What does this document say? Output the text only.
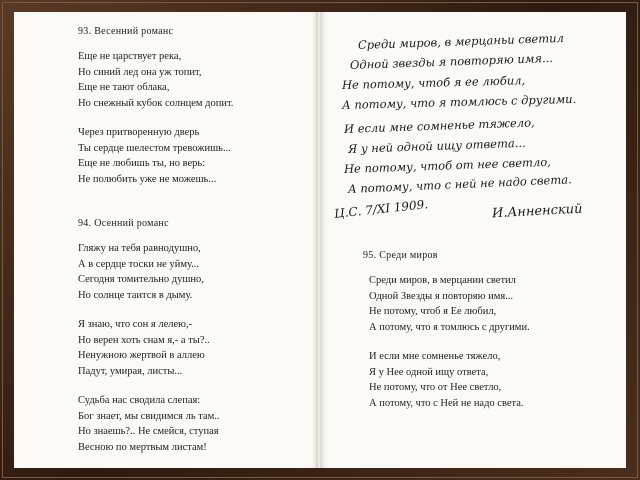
93. Весенний романс
Еще не царствует река,
Но синий лед она уж топит,
Еще не тают облака,
Но снежный кубок солнцем допит.
Через притворенную дверь
Ты сердце шелестом тревожишь...
Еще не любишь ты, но верь:
Не полюбить уже не можешь...
94. Осенний романс
Гляжу на тебя равнодушно,
А в сердце тоски не уйму...
Сегодня томительно душно,
Но солнце таится в дыму.
Я знаю, что сон я лелею,-
Но верен хоть снам я,- а ты?..
Ненужною жертвой в аллею
Падут, умирая, листы...
Судьба нас сводила слепая:
Бог знает, мы свидимся ль там..
Но знаешь?.. Не смейся, ступая
Весною по мертвым листам!
Среди миров, в мерцаньи светил
Одной звезды я повторяю имя...
Не потому, чтоб я ее любил,
А потому, что я томлюсь с другими.
И если мне сомненье тяжело,
Я у ней одной ищу ответа...
Не потому, чтоб от нее светло,
А потому, что с ней не надо света.
Ц.С. 7/XI 1909.	И.Анненский
95. Среди миров
Среди миров, в мерцании светил
Одной Звезды я повторяю имя...
Не потому, чтоб я Ее любил,
А потому, что я томлюсь с другими.
И если мне сомненье тяжело,
Я у Нее одной ищу ответа,
Не потому, что от Нее светло,
А потому, что с Ней не надо света.
